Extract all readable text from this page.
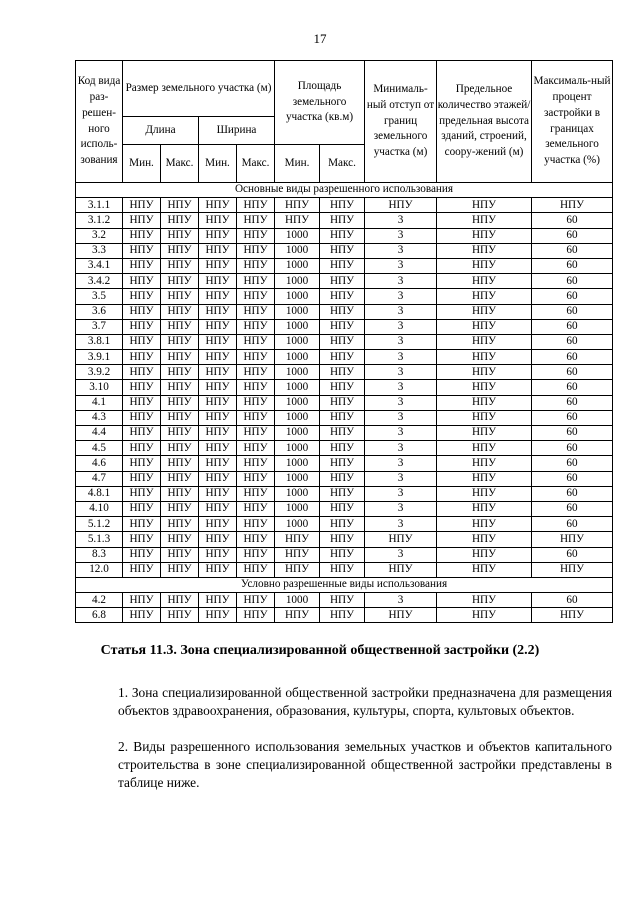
17
Код вида раз-решен-ного исполь-зования	Размер земельного участка (м)				Площадь земельного участка (кв.м)		Минималь-ный отступ от границ земельного участка (м)	Предельное количество этажей/ предельная высота зданий, строений, соору-жений (м)	Максималь-ный процент застройки в границах земельного участка (%)
	Длина		Ширина						
	Мин.	Макс.	Мин.	Макс.	Мин.	Макс.			
Основные виды разрешенного использования									
3.1.1	НПУ	НПУ	НПУ	НПУ	НПУ	НПУ	НПУ	НПУ	НПУ
3.1.2	НПУ	НПУ	НПУ	НПУ	НПУ	НПУ	3	НПУ	60
3.2	НПУ	НПУ	НПУ	НПУ	1000	НПУ	3	НПУ	60
3.3	НПУ	НПУ	НПУ	НПУ	1000	НПУ	3	НПУ	60
3.4.1	НПУ	НПУ	НПУ	НПУ	1000	НПУ	3	НПУ	60
3.4.2	НПУ	НПУ	НПУ	НПУ	1000	НПУ	3	НПУ	60
3.5	НПУ	НПУ	НПУ	НПУ	1000	НПУ	3	НПУ	60
3.6	НПУ	НПУ	НПУ	НПУ	1000	НПУ	3	НПУ	60
3.7	НПУ	НПУ	НПУ	НПУ	1000	НПУ	3	НПУ	60
3.8.1	НПУ	НПУ	НПУ	НПУ	1000	НПУ	3	НПУ	60
3.9.1	НПУ	НПУ	НПУ	НПУ	1000	НПУ	3	НПУ	60
3.9.2	НПУ	НПУ	НПУ	НПУ	1000	НПУ	3	НПУ	60
3.10	НПУ	НПУ	НПУ	НПУ	1000	НПУ	3	НПУ	60
4.1	НПУ	НПУ	НПУ	НПУ	1000	НПУ	3	НПУ	60
4.3	НПУ	НПУ	НПУ	НПУ	1000	НПУ	3	НПУ	60
4.4	НПУ	НПУ	НПУ	НПУ	1000	НПУ	3	НПУ	60
4.5	НПУ	НПУ	НПУ	НПУ	1000	НПУ	3	НПУ	60
4.6	НПУ	НПУ	НПУ	НПУ	1000	НПУ	3	НПУ	60
4.7	НПУ	НПУ	НПУ	НПУ	1000	НПУ	3	НПУ	60
4.8.1	НПУ	НПУ	НПУ	НПУ	1000	НПУ	3	НПУ	60
4.10	НПУ	НПУ	НПУ	НПУ	1000	НПУ	3	НПУ	60
5.1.2	НПУ	НПУ	НПУ	НПУ	1000	НПУ	3	НПУ	60
5.1.3	НПУ	НПУ	НПУ	НПУ	НПУ	НПУ	НПУ	НПУ	НПУ
8.3	НПУ	НПУ	НПУ	НПУ	НПУ	НПУ	3	НПУ	60
12.0	НПУ	НПУ	НПУ	НПУ	НПУ	НПУ	НПУ	НПУ	НПУ
Условно разрешенные виды использования									
4.2	НПУ	НПУ	НПУ	НПУ	1000	НПУ	3	НПУ	60
6.8	НПУ	НПУ	НПУ	НПУ	НПУ	НПУ	НПУ	НПУ	НПУ
Статья 11.3. Зона специализированной общественной застройки (2.2)
1. Зона специализированной общественной застройки предназначена для размещения объектов здравоохранения, образования, культуры, спорта, культовых объектов.
2. Виды разрешенного использования земельных участков и объектов капитального строительства в зоне специализированной общественной застройки представлены в таблице ниже.
